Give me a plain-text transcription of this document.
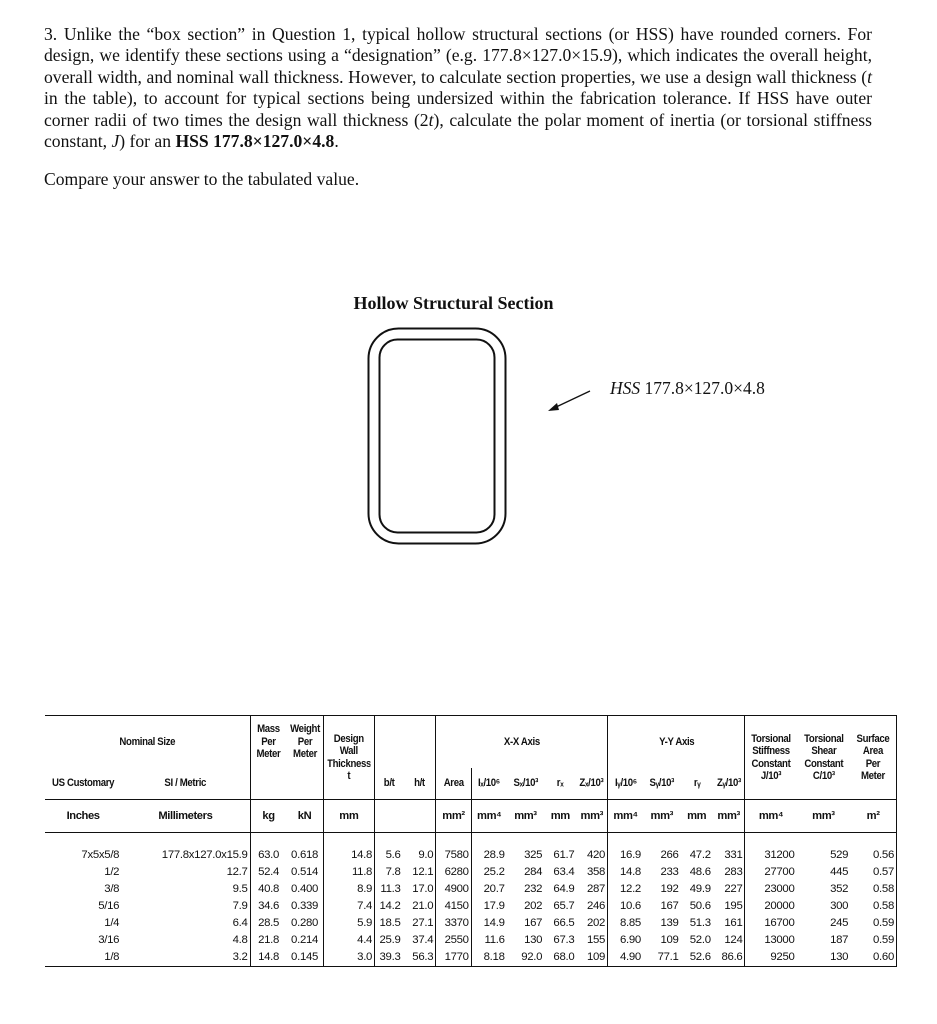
3. Unlike the “box section” in Question 1, typical hollow structural sections (or HSS) have rounded corners. For design, we identify these sections using a “designation” (e.g. 177.8×127.0×15.9), which indicates the overall height, overall width, and nominal wall thickness. However, to calculate section properties, we use a design wall thickness (t in the table), to account for typical sections being undersized within the fabrication tolerance. If HSS have outer corner radii of two times the design wall thickness (2t), calculate the polar moment of inertia (or torsional stiffness constant, J) for an HSS 177.8×127.0×4.8.

Compare your answer to the tabulated value.

Hollow Structural Section
HSS 177.8×127.0×4.8
Nominal Size		Mass
Per
Meter	Weight
Per
Meter	Design
Wall
Thickness
t			X-X Axis					Y-Y Axis				Torsional
Stiffness
Constant
J/10³	Torsional
Shear
Constant
C/10³	Surface
Area
Per
Meter
US Customary	SI / Metric				b/t	h/t	Area	Iₓ/10⁶	Sₓ/10³	rₓ	Zₓ/10³	Iᵧ/10⁶	Sᵧ/10³	rᵧ	Zᵧ/10³			
Inches	Millimeters	kg	kN	mm			mm²	mm⁴	mm³	mm	mm³	mm⁴	mm³	mm	mm³	mm⁴	mm³	m²

7x5x5/8	177.8x127.0x15.9	63.0	0.618	14.8	5.6	9.0	7580	28.9	325	61.7	420	16.9	266	47.2	331	31200	529	0.56
1/2	12.7	52.4	0.514	11.8	7.8	12.1	6280	25.2	284	63.4	358	14.8	233	48.6	283	27700	445	0.57
3/8	9.5	40.8	0.400	8.9	11.3	17.0	4900	20.7	232	64.9	287	12.2	192	49.9	227	23000	352	0.58
5/16	7.9	34.6	0.339	7.4	14.2	21.0	4150	17.9	202	65.7	246	10.6	167	50.6	195	20000	300	0.58
1/4	6.4	28.5	0.280	5.9	18.5	27.1	3370	14.9	167	66.5	202	8.85	139	51.3	161	16700	245	0.59
3/16	4.8	21.8	0.214	4.4	25.9	37.4	2550	11.6	130	67.3	155	6.90	109	52.0	124	13000	187	0.59
1/8	3.2	14.8	0.145	3.0	39.3	56.3	1770	8.18	92.0	68.0	109	4.90	77.1	52.6	86.6	9250	130	0.60
